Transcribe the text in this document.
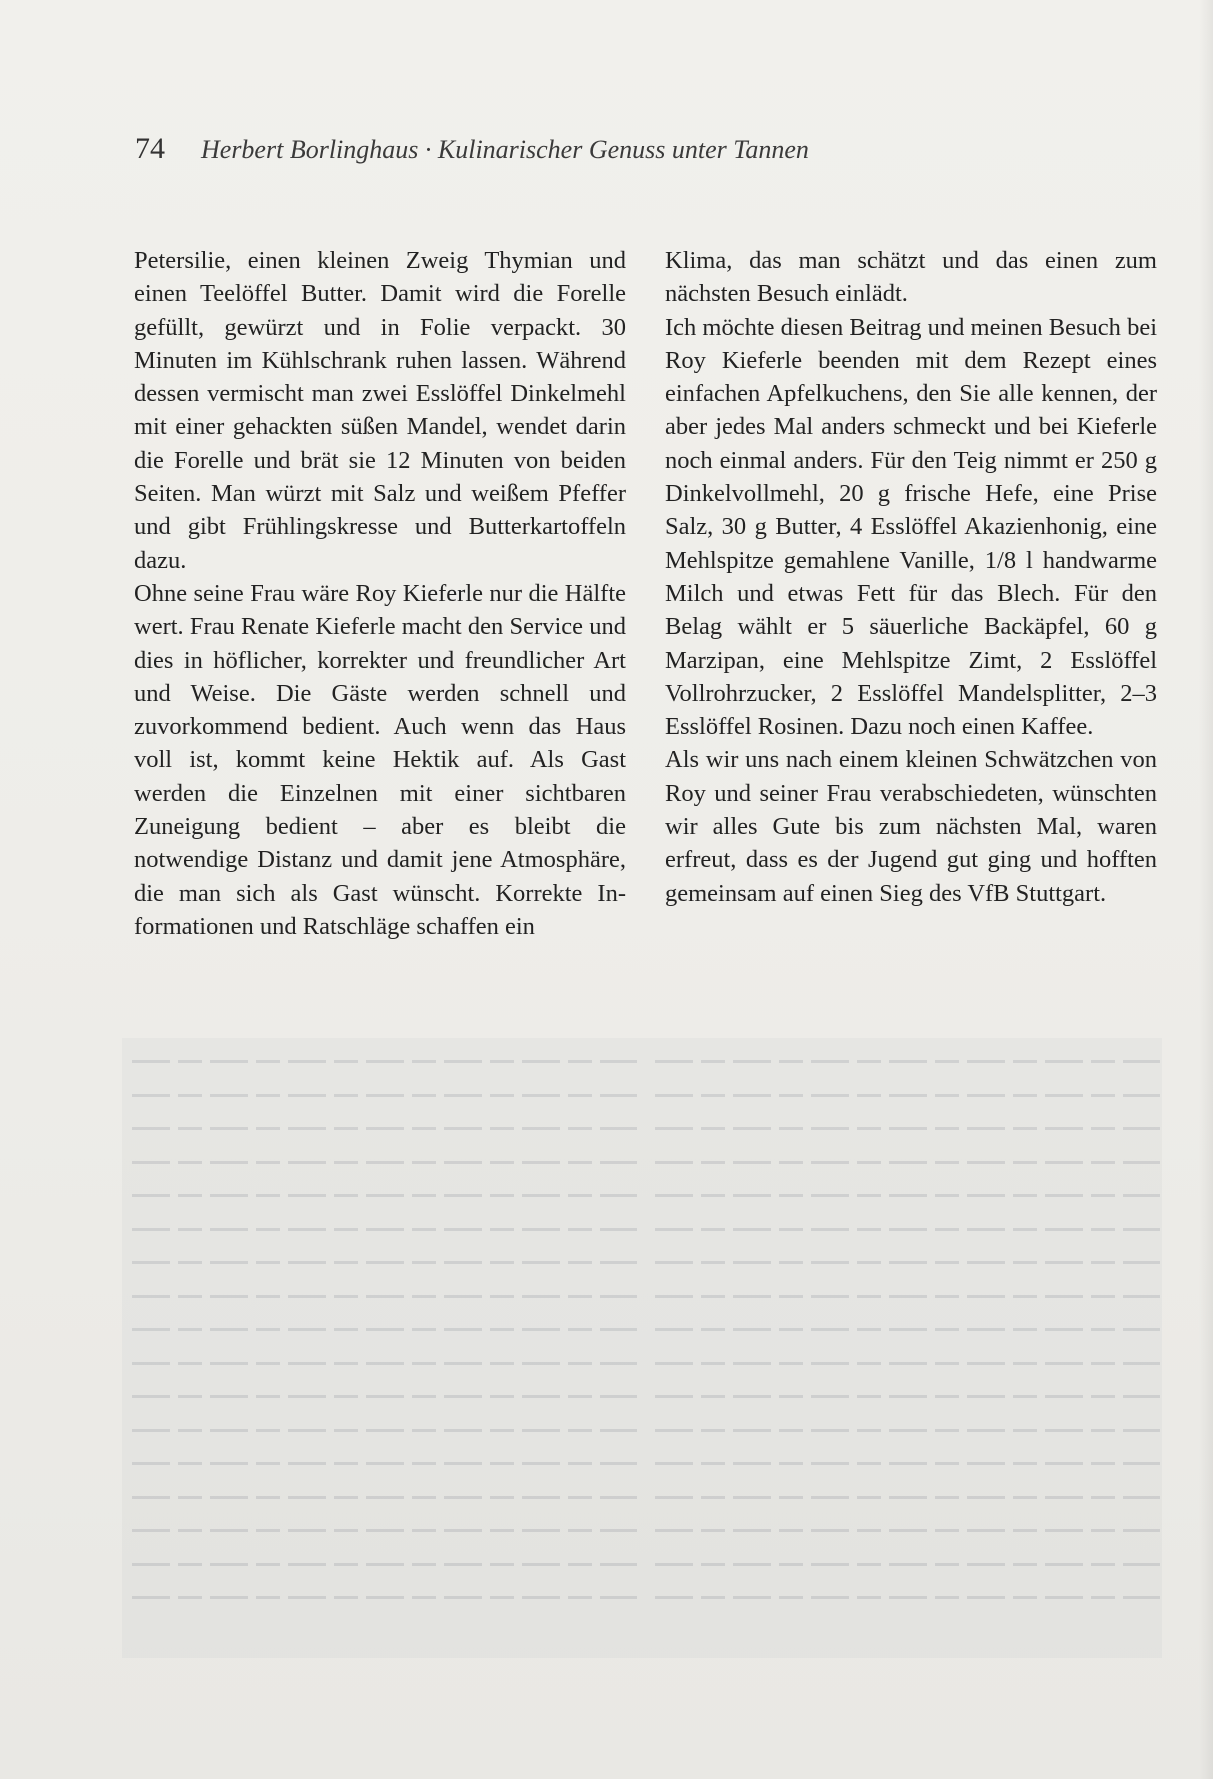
74 Herbert Borlinghaus · Kulinarischer Genuss unter Tannen

Petersilie, einen kleinen Zweig Thymian und einen Teelöffel Butter. Damit wird die Forelle gefüllt, gewürzt und in Folie verpackt. 30 Minuten im Kühlschrank ruhen lassen. Während dessen vermischt man zwei Esslöffel Dinkelmehl mit einer gehackten süßen Mandel, wendet darin die Forelle und brät sie 12 Minuten von beiden Seiten. Man würzt mit Salz und weißem Pfeffer und gibt Frühlingskresse und Butterkartoffeln dazu.

Ohne seine Frau wäre Roy Kieferle nur die Hälfte wert. Frau Renate Kieferle macht den Service und dies in höflicher, korrekter und freundlicher Art und Weise. Die Gäste werden schnell und zuvorkommend bedient. Auch wenn das Haus voll ist, kommt keine Hektik auf. Als Gast werden die Einzelnen mit einer sichtbaren Zuneigung bedient – aber es bleibt die notwendige Distanz und damit jene Atmosphäre, die man sich als Gast wünscht. Korrekte Informationen und Ratschläge schaffen ein

Klima, das man schätzt und das einen zum nächsten Besuch einlädt.

Ich möchte diesen Beitrag und meinen Besuch bei Roy Kieferle beenden mit dem Rezept eines einfachen Apfelkuchens, den Sie alle kennen, der aber jedes Mal anders schmeckt und bei Kieferle noch einmal anders. Für den Teig nimmt er 250 g Dinkelvollmehl, 20 g frische Hefe, eine Prise Salz, 30 g Butter, 4 Esslöffel Akazienhonig, eine Mehlspitze gemahlene Vanille, 1/8 l handwarme Milch und etwas Fett für das Blech. Für den Belag wählt er 5 säuerliche Backäpfel, 60 g Marzipan, eine Mehlspitze Zimt, 2 Esslöffel Vollrohrzucker, 2 Esslöffel Mandelsplitter, 2–3 Esslöffel Rosinen. Dazu noch einen Kaffee.

Als wir uns nach einem kleinen Schwätzchen von Roy und seiner Frau verabschiedeten, wünschten wir alles Gute bis zum nächsten Mal, waren erfreut, dass es der Jugend gut ging und hofften gemeinsam auf einen Sieg des VfB Stuttgart.
